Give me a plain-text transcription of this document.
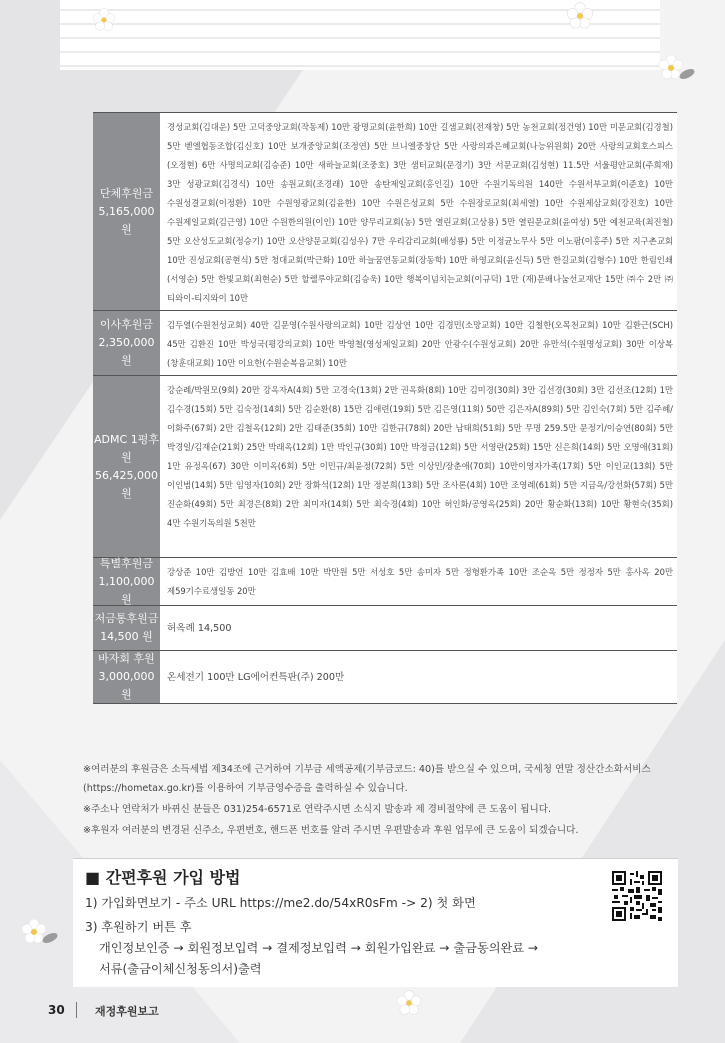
단체후원금
5,165,000 원
경성교회(김대운) 5만 고덕중앙교회(작동제) 10만 광명교회(윤한희) 10만 길샘교회(전재창) 5만 농천교회(정건영) 10만 미문교회(김경철) 5만 벧엘협동조합(김신호) 10만 보개중앙교회(조정연) 5만 브니엘중창단 5만 사랑의과은혜교회(나능위원회) 20만 사랑의교회호스피스(오정현) 6만 사명의교회(김승준) 10만 새하늘교회(조중호) 3만 샘터교회(문경기) 3만 서문교회(김성현) 11.5만 서울평안교회(주희재) 3만 성광교회(김경식) 10만 송원교회(조경래) 10만 송탄제일교회(홍인길) 10만 수원기독의원 140만 수원서부교회(이준호) 10만 수원성결교회(이정환) 10만 수원영광교회(김윤한) 10만 수원은성교회 5만 수원장로교회(최세열) 10만 수원제삼교회(강진호) 10만 수원제일교회(김근영) 10만 수원한의원(이인) 10만 양무리교회(농) 5만 열린교회(고상용) 5만 열린문교회(윤여성) 5만 예천교육(최진철) 5만 오산성도교회(정승기) 10만 오산양문교회(김성우) 7만 우리감리교회(배성룡) 5만 이정균노무사 5만 이노팜(이홍주) 5만 지구촌교회 10만 진성교회(공현식) 5만 청대교회(박근화) 10만 하늘꿈연동교회(장동학) 10만 하영교회(윤신득) 5만 한길교회(김형수) 10만 한림인쇄(서영순) 5만 한빛교회(최현순) 5만 할렐루야교회(김승욱) 10만 행복이넘치는교회(이규덕) 1만 (재)문배나눔선교재단 15만 ㈜수 2만 ㈜티와이-티지와이 10만
이사후원금
2,350,000 원
김두열(수원천성교회) 40만 김문영(수원사랑의교회) 10만 김상연 10만 김경민(소망교회) 10만 김철한(오목천교회) 10만 김환근(SCH) 45만 김환진 10만 박성국(평강의교회) 10만 박영철(영성제일교회) 20만 안광수(수원성교회) 20만 유만석(수원명성교회) 30만 이상복(창훈대교회) 10만 이요한(수원순복음교회) 10만
ADMC 1평후원
56,425,000 원
강순례/박원모(9회) 20만 강옥자A(4회) 5만 고경숙(13회) 2만 권옥화(8회) 10만 김미경(30회) 3만 김선경(30회) 3만 김선조(12회) 1만 김수경(15회) 5만 김숙정(14회) 5만 김순환(8) 15만 김애련(19회) 5만 김은영(11회) 50만 김은자A(89회) 5만 김인숙(7회) 5만 김주혜/이화주(67회) 2만 김철옥(12회) 2만 김태준(35회) 10만 김한규(78회) 20만 남태희(51회) 5만 무명 259.5만 문정기/이승연(80회) 5만 박경일/김재순(21회) 25만 박래옥(12회) 1만 박인규(30회) 10만 박정금(12회) 5만 서영란(25회) 15만 신은희(14회) 5만 오명애(31회) 1만 유정옥(67) 30만 이미옥(6회) 5만 이민규/최윤정(72회) 5만 이상민/장춘애(70회) 10만이영자가족(17회) 5만 이인교(13회) 5만 이인범(14회) 5만 임영자(10회) 2만 장화석(12회) 1만 정분희(13회) 5만 조사론(4회) 10만 조영례(61회) 5만 지금옥/강선화(57회) 5만 진순화(49회) 5만 최경은(8회) 2만 최미자(14회) 5만 최숙경(4회) 10만 허인화/공영옥(25회) 20만 황순화(13회) 10만 황현숙(35회) 4만 수원기독의원 5천만
특별후원금
1,100,000 원
강상준 10만 김방언 10만 김효배 10만 박만원 5만 서성호 5만 송미자 5만 정형환가족 10만 조순옥 5만 정정자 5만 홍사옥 20만 제59기수료생일동 20만
저금통후원금
14,500 원
허옥례 14,500
바자회 후원
3,000,000 원
온세전기 100만 LG에어컨특판(주) 200만

※여러분의 후원금은 소득세법 제34조에 근거하여 기부금 세액공제(기부금코드: 40)를 받으실 수 있으며, 국세청 연말 정산간소화서비스(https://hometax.go.kr)를 이용하여 기부금영수증을 출력하실 수 있습니다.

※주소나 연락처가 바뀌신 분들은 031)254-6571로 연락주시면 소식지 발송과 제 경비절약에 큰 도움이 됩니다.

※후원자 여러분의 변경된 신주소, 우편번호, 핸드폰 번호를 알려 주시면 우편발송과 후원 업무에 큰 도움이 되겠습니다.

■ 간편후원 가입 방법
1) 가입화면보기 - 주소 URL https://me2.do/54xR0sFm -> 2) 첫 화면
3) 후원하기 버튼 후
개인정보인증 → 회원정보입력 → 결제정보입력 → 회원가입완료 → 출금동의완료 →
서류(출금이체신청동의서)출력
30	재정후원보고
